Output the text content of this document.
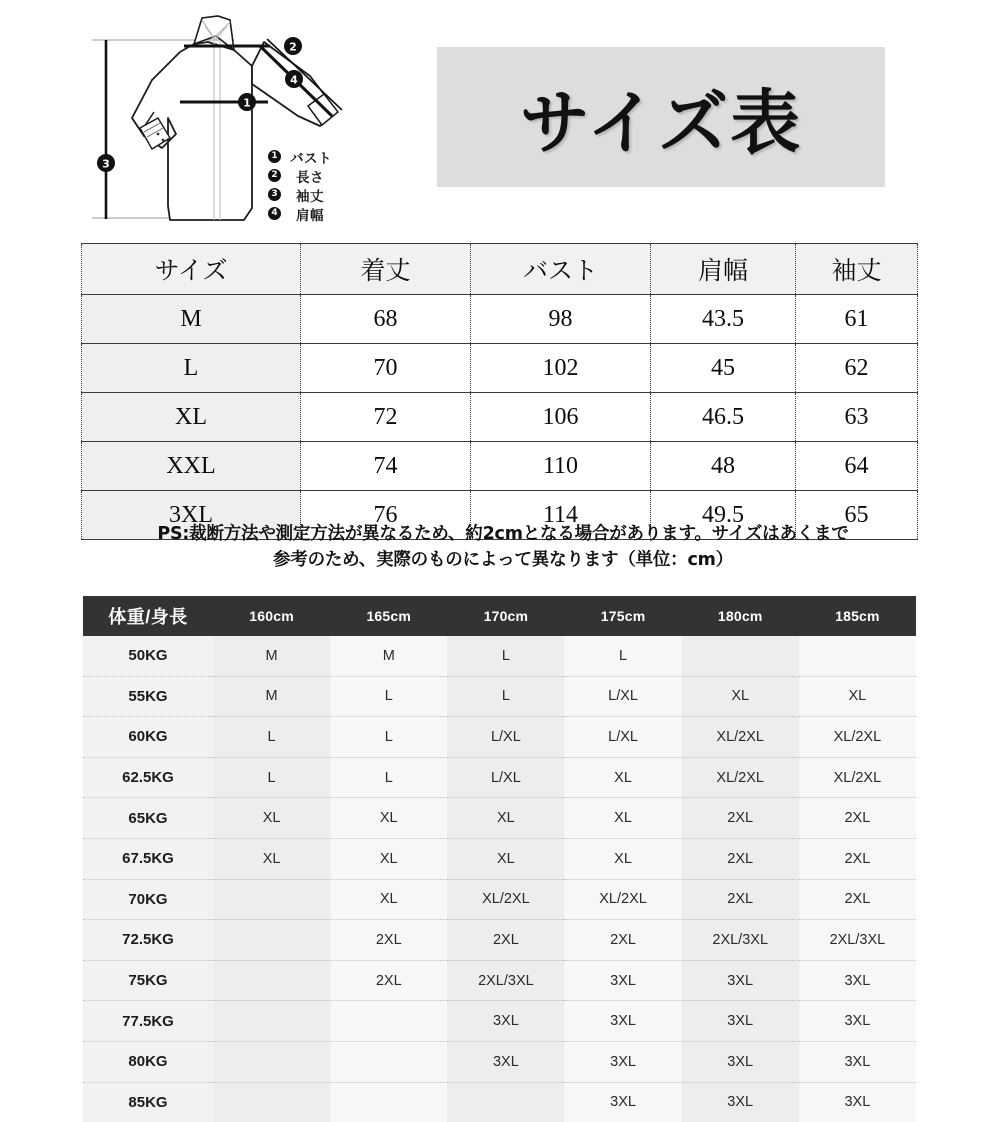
4
2
1
3
1 バスト
2 長さ
3 袖丈
4 肩幅
サイズ表
サイズ	着丈	バスト	肩幅	袖丈
M	68	98	43.5	61
L	70	102	45	62
XL	72	106	46.5	63
XXL	74	110	48	64
3XL	76	114	49.5	65
PS:裁断方法や測定方法が異なるため、約2cmとなる場合があります。サイズはあくまで
参考のため、実際のものによって異なります（単位：cm）
体重/身長	160cm	165cm	170cm	175cm	180cm	185cm
50KG	M	M	L	L		
55KG	M	L	L	L/XL	XL	XL
60KG	L	L	L/XL	L/XL	XL/2XL	XL/2XL
62.5KG	L	L	L/XL	XL	XL/2XL	XL/2XL
65KG	XL	XL	XL	XL	2XL	2XL
67.5KG	XL	XL	XL	XL	2XL	2XL
70KG		XL	XL/2XL	XL/2XL	2XL	2XL
72.5KG		2XL	2XL	2XL	2XL/3XL	2XL/3XL
75KG		2XL	2XL/3XL	3XL	3XL	3XL
77.5KG			3XL	3XL	3XL	3XL
80KG			3XL	3XL	3XL	3XL
85KG				3XL	3XL	3XL
